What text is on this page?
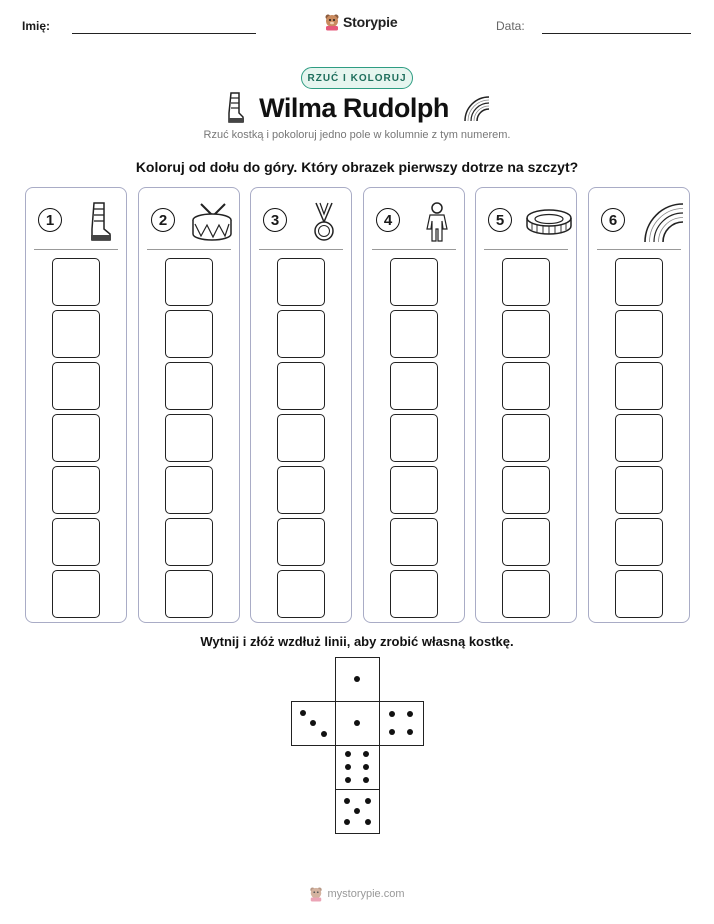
Imię:	Storypie	Data:
RZUĆ I KOLORUJ
Wilma Rudolph
Rzuć kostką i pokoloruj jedno pole w kolumnie z tym numerem.
Koloruj od dołu do góry. Który obrazek pierwszy dotrze na szczyt?
1	2	3	4	5	6
Wytnij i złóż wzdłuż linii, aby zrobić własną kostkę.
mystorypie.com
